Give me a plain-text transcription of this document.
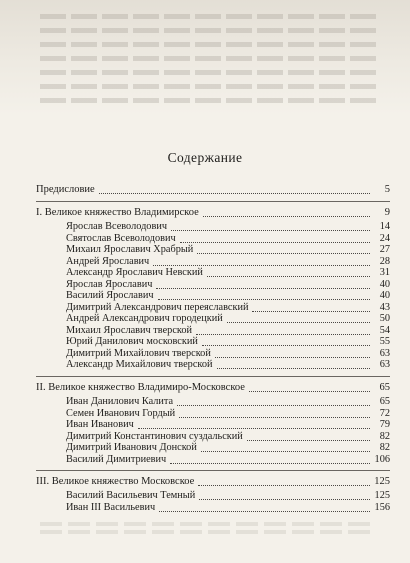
Содержание
Предисловие	5
I. Великое княжество Владимирское	9
Ярослав Всеволодович	14
Святослав Всеволодович	24
Михаил Ярославич Храбрый	27
Андрей Ярославич	28
Александр Ярославич Невский	31
Ярослав Ярославич	40
Василий Ярославич	40
Димитрий Александрович переяславский	43
Андрей Александрович городецкий	50
Михаил Ярославич тверской	54
Юрий Данилович московский	55
Димитрий Михайлович тверской	63
Александр Михайлович тверской	63
II. Великое княжество Владимиро-Московское	65
Иван Данилович Калита	65
Семен Иванович Гордый	72
Иван Иванович	79
Димитрий Константинович суздальский	82
Димитрий Иванович Донской	82
Василий Димитриевич	106
III. Великое княжество Московское	125
Василий Васильевич Темный	125
Иван III Васильевич	156
